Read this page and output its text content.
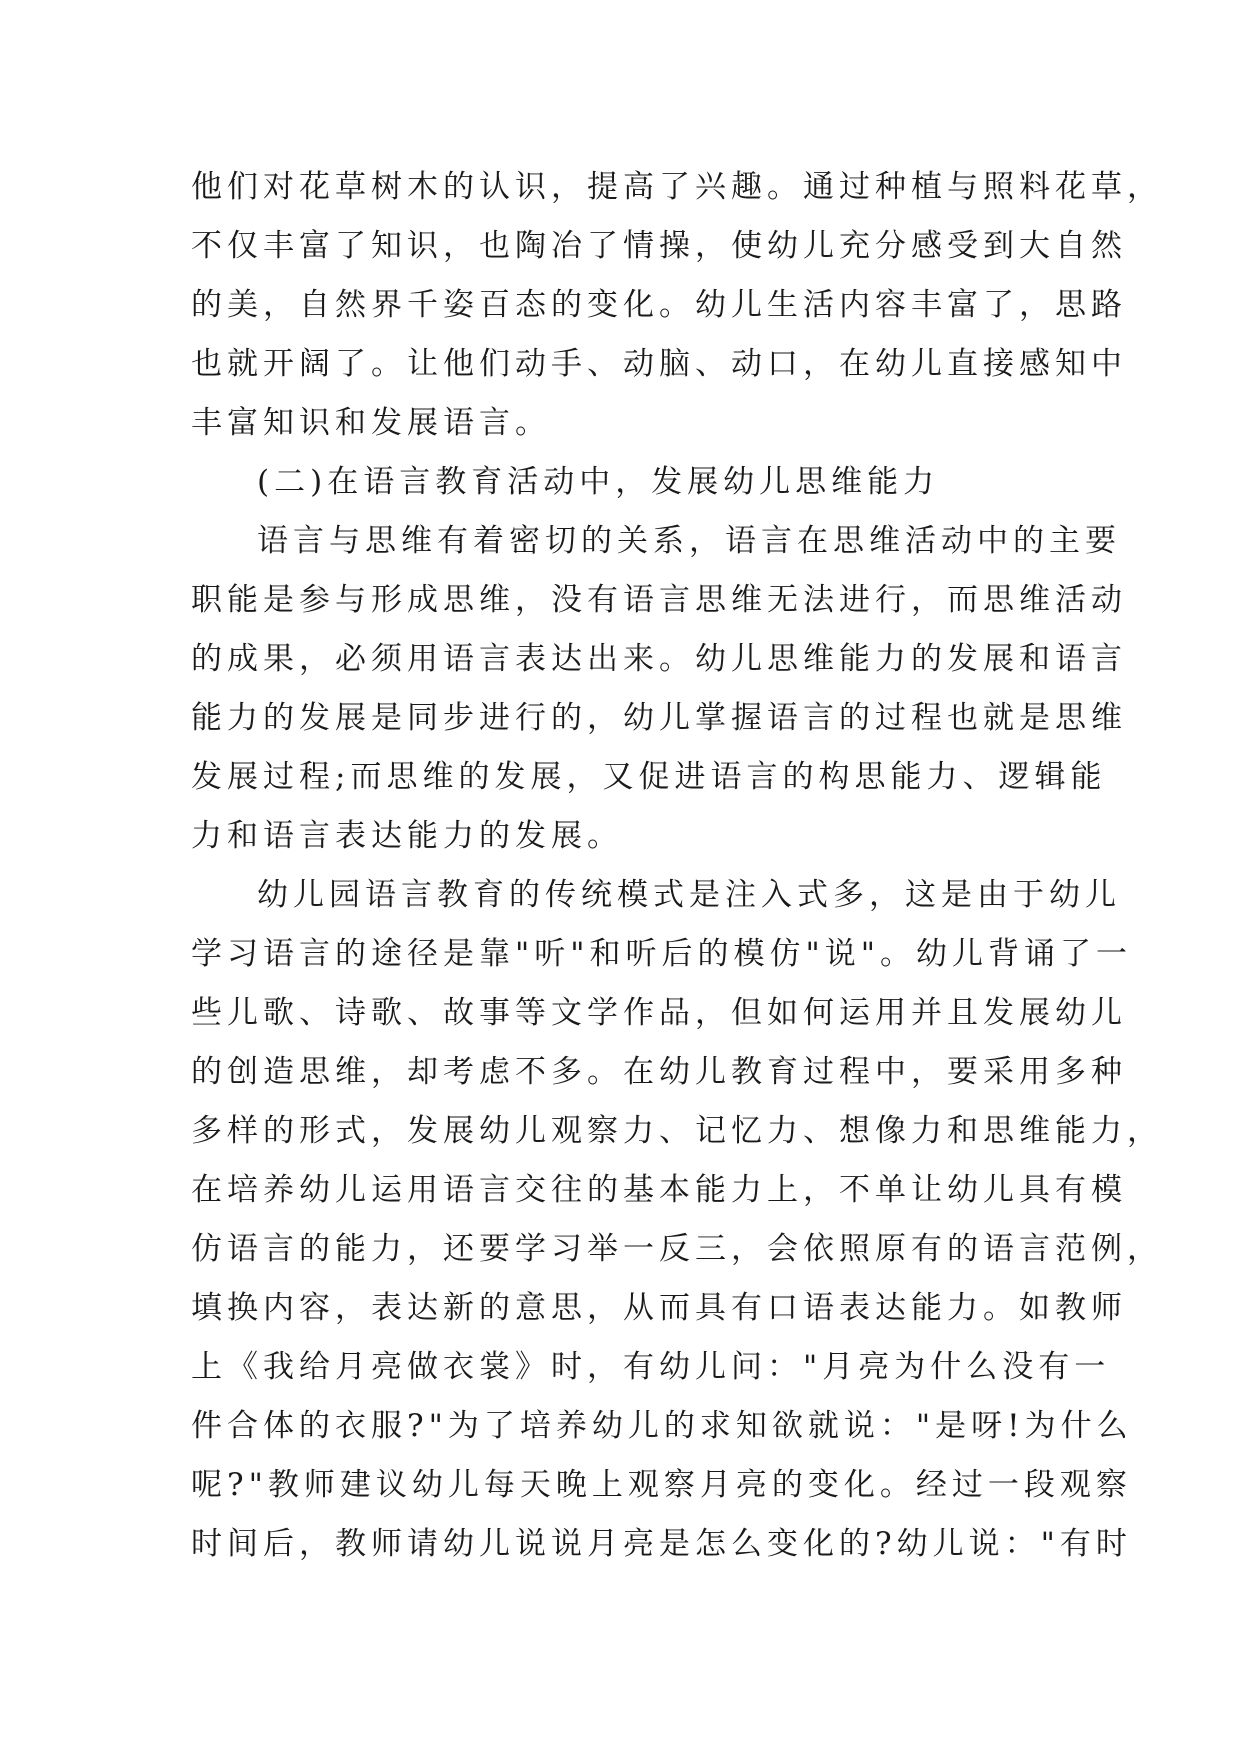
他们对花草树木的认识，提高了兴趣。通过种植与照料花草，
不仅丰富了知识，也陶冶了情操，使幼儿充分感受到大自然
的美，自然界千姿百态的变化。幼儿生活内容丰富了，思路
也就开阔了。让他们动手、动脑、动口，在幼儿直接感知中
丰富知识和发展语言。

(二)在语言教育活动中，发展幼儿思维能力

语言与思维有着密切的关系，语言在思维活动中的主要
职能是参与形成思维，没有语言思维无法进行，而思维活动
的成果，必须用语言表达出来。幼儿思维能力的发展和语言
能力的发展是同步进行的，幼儿掌握语言的过程也就是思维
发展过程;而思维的发展，又促进语言的构思能力、逻辑能
力和语言表达能力的发展。

幼儿园语言教育的传统模式是注入式多，这是由于幼儿
学习语言的途径是靠"听"和听后的模仿"说"。幼儿背诵了一
些儿歌、诗歌、故事等文学作品，但如何运用并且发展幼儿
的创造思维，却考虑不多。在幼儿教育过程中，要采用多种
多样的形式，发展幼儿观察力、记忆力、想像力和思维能力，
在培养幼儿运用语言交往的基本能力上，不单让幼儿具有模
仿语言的能力，还要学习举一反三，会依照原有的语言范例，
填换内容，表达新的意思，从而具有口语表达能力。如教师
上《我给月亮做衣裳》时，有幼儿问："月亮为什么没有一
件合体的衣服?"为了培养幼儿的求知欲就说："是呀!为什么
呢?"教师建议幼儿每天晚上观察月亮的变化。经过一段观察
时间后，教师请幼儿说说月亮是怎么变化的?幼儿说："有时
